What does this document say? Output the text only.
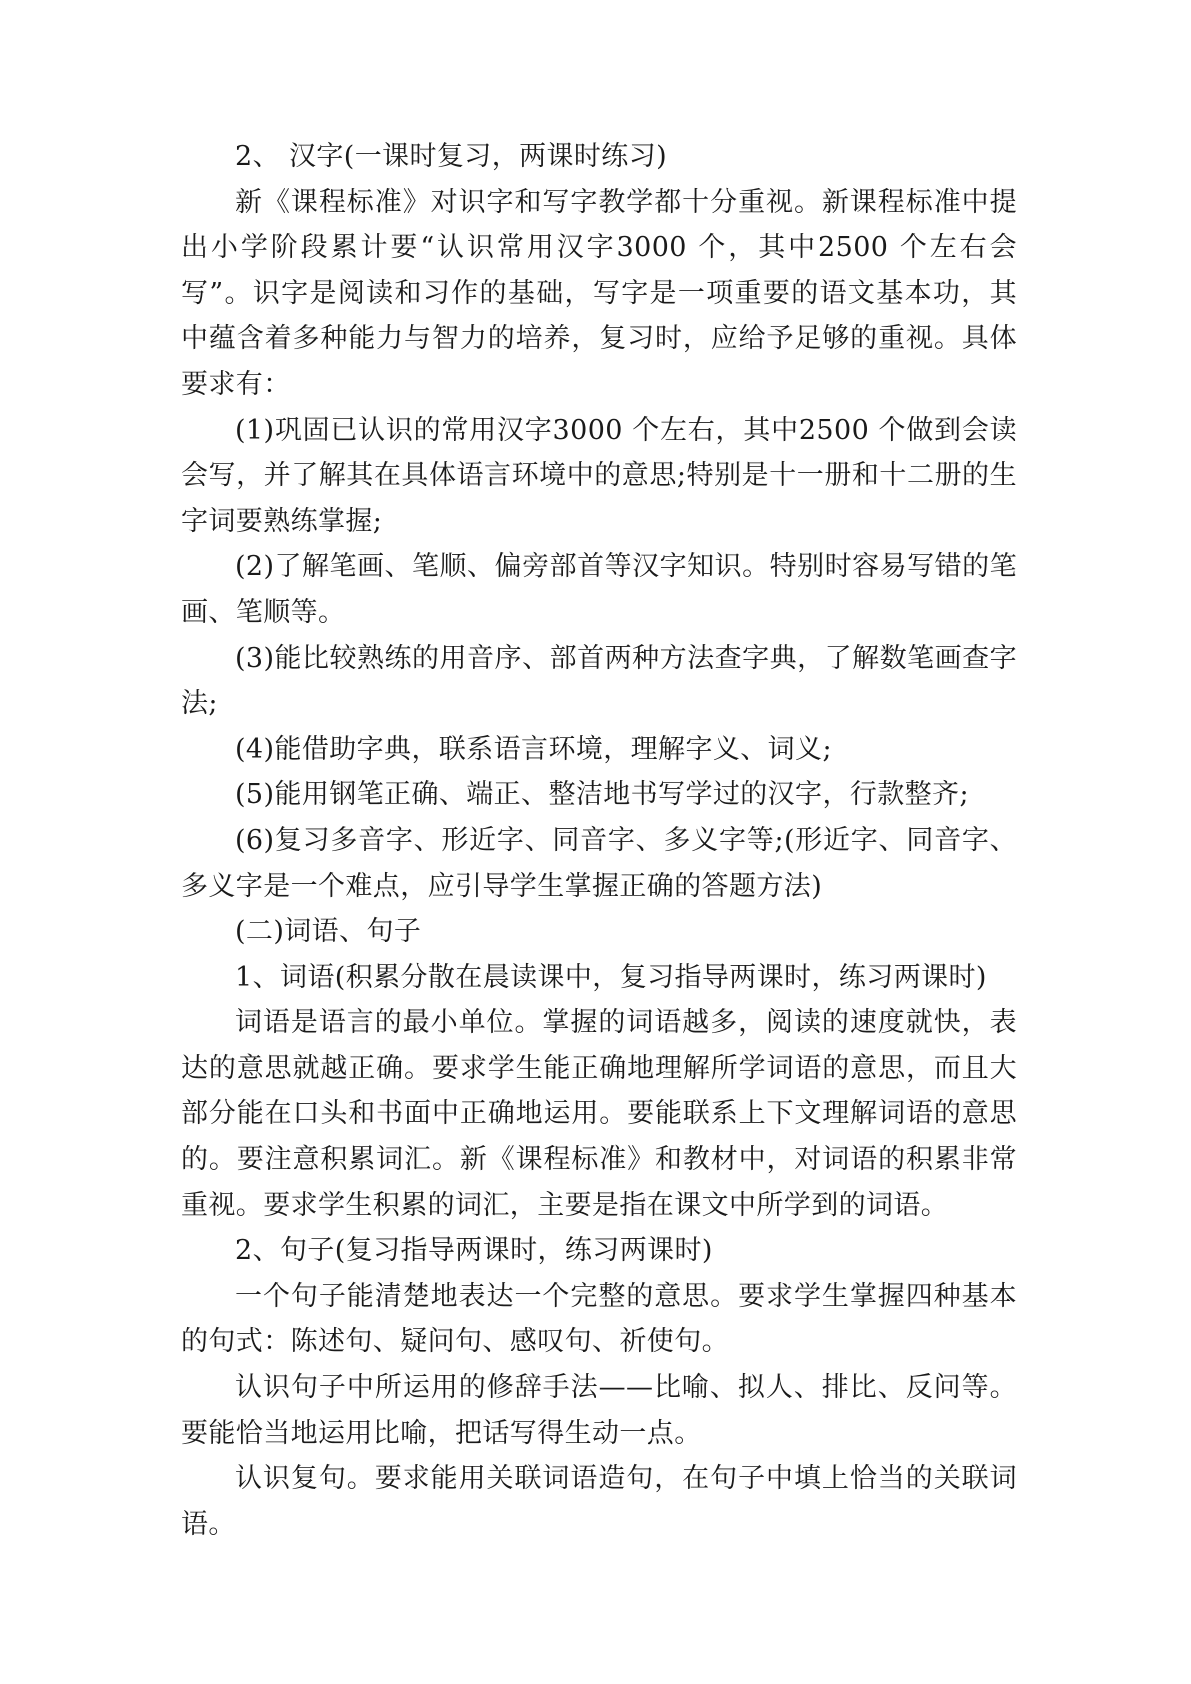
2、 汉字(一课时复习，两课时练习)

新《课程标准》对识字和写字教学都十分重视。新课程标准中提出小学阶段累计要“认识常用汉字3000 个，其中2500 个左右会写”。识字是阅读和习作的基础，写字是一项重要的语文基本功，其中蕴含着多种能力与智力的培养，复习时，应给予足够的重视。具体要求有：

(1)巩固已认识的常用汉字3000 个左右，其中2500 个做到会读会写，并了解其在具体语言环境中的意思;特别是十一册和十二册的生字词要熟练掌握;

(2)了解笔画、笔顺、偏旁部首等汉字知识。特别时容易写错的笔画、笔顺等。

(3)能比较熟练的用音序、部首两种方法查字典，了解数笔画查字法;

(4)能借助字典，联系语言环境，理解字义、词义;

(5)能用钢笔正确、端正、整洁地书写学过的汉字，行款整齐;

(6)复习多音字、形近字、同音字、多义字等;(形近字、同音字、多义字是一个难点，应引导学生掌握正确的答题方法)

(二)词语、句子

1、词语(积累分散在晨读课中，复习指导两课时，练习两课时)

词语是语言的最小单位。掌握的词语越多，阅读的速度就快，表达的意思就越正确。要求学生能正确地理解所学词语的意思，而且大部分能在口头和书面中正确地运用。要能联系上下文理解词语的意思的。要注意积累词汇。新《课程标准》和教材中，对词语的积累非常重视。要求学生积累的词汇，主要是指在课文中所学到的词语。

2、句子(复习指导两课时，练习两课时)

一个句子能清楚地表达一个完整的意思。要求学生掌握四种基本的句式：陈述句、疑问句、感叹句、祈使句。

认识句子中所运用的修辞手法——比喻、拟人、排比、反问等。要能恰当地运用比喻，把话写得生动一点。

认识复句。要求能用关联词语造句，在句子中填上恰当的关联词语。
